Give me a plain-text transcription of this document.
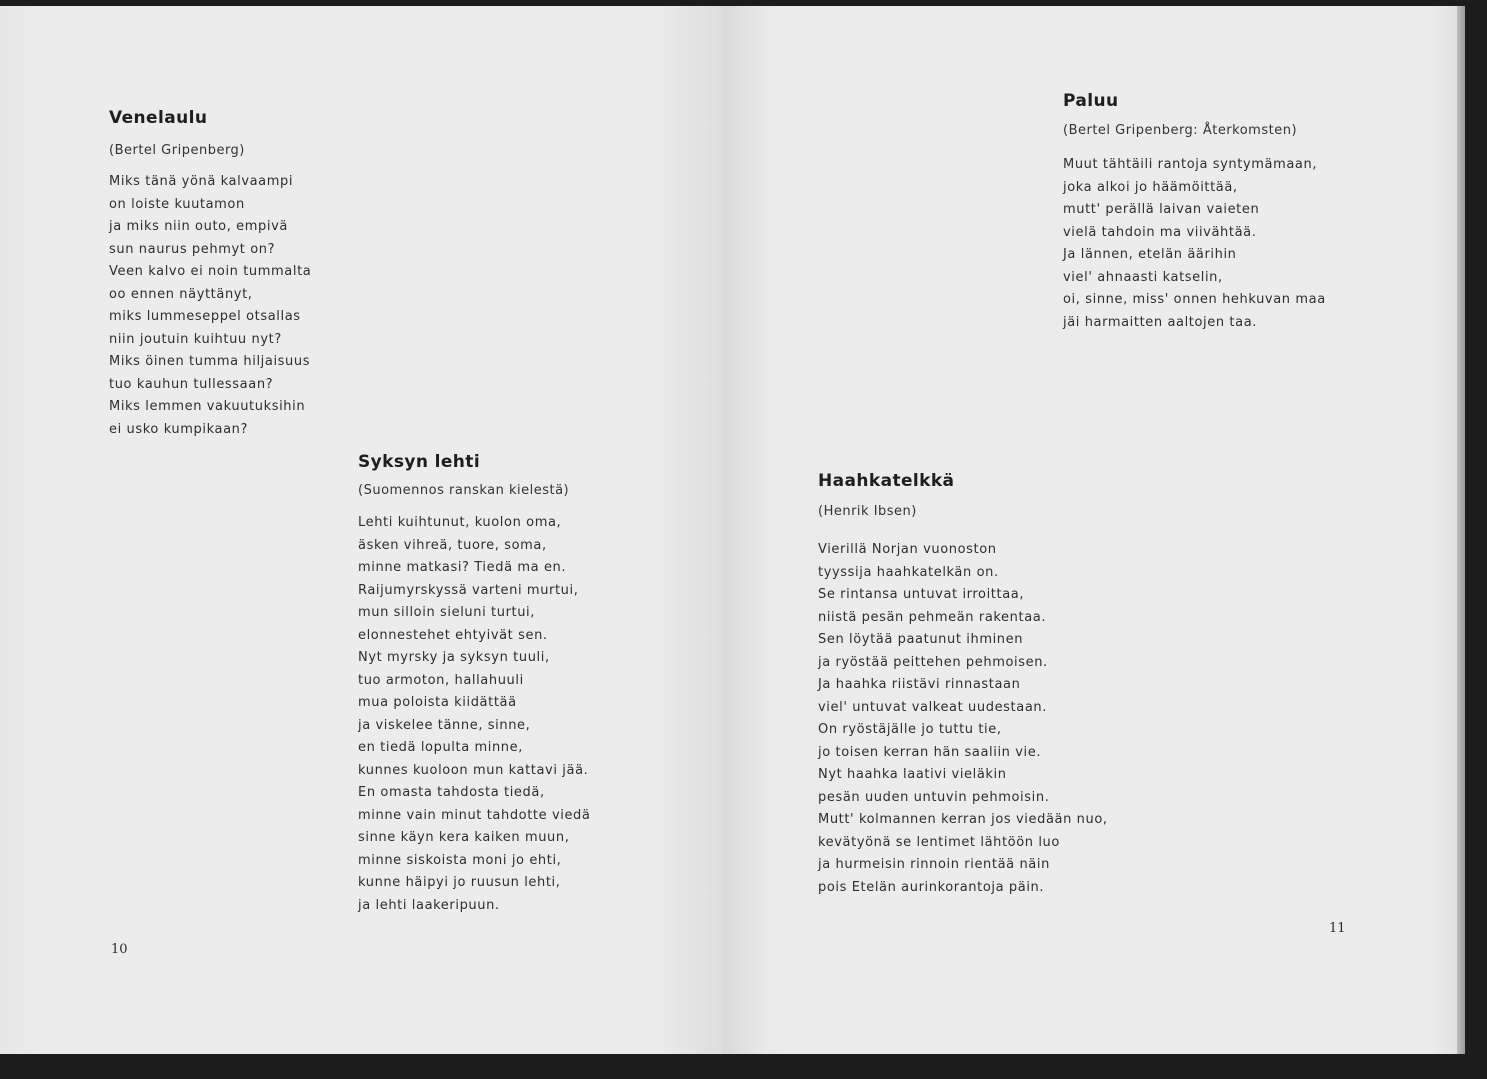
Venelaulu

(Bertel Gripenberg)

Miks tänä yönä kalvaampi
on loiste kuutamon
ja miks niin outo, empivä
sun naurus pehmyt on?
Veen kalvo ei noin tummalta
oo ennen näyttänyt,
miks lummeseppel otsallas
niin joutuin kuihtuu nyt?
Miks öinen tumma hiljaisuus
tuo kauhun tullessaan?
Miks lemmen vakuutuksihin
ei usko kumpikaan?
Syksyn lehti

(Suomennos ranskan kielestä)

Lehti kuihtunut, kuolon oma,
äsken vihreä, tuore, soma,
minne matkasi? Tiedä ma en.
Raijumyrskyssä varteni murtui,
mun silloin sieluni turtui,
elonnestehet ehtyivät sen.
Nyt myrsky ja syksyn tuuli,
tuo armoton, hallahuuli
mua poloista kiidättää
ja viskelee tänne, sinne,
en tiedä lopulta minne,
kunnes kuoloon mun kattavi jää.
En omasta tahdosta tiedä,
minne vain minut tahdotte viedä
sinne käyn kera kaiken muun,
minne siskoista moni jo ehti,
kunne häipyi jo ruusun lehti,
ja lehti laakeripuun.
10
Paluu

(Bertel Gripenberg: Återkomsten)

Muut tähtäili rantoja syntymämaan,
joka alkoi jo häämöittää,
mutt' perällä laivan vaieten
vielä tahdoin ma viivähtää.
Ja lännen, etelän äärihin
viel' ahnaasti katselin,
oi, sinne, miss' onnen hehkuvan maa
jäi harmaitten aaltojen taa.
Haahkatelkkä

(Henrik Ibsen)

Vierillä Norjan vuonoston
tyyssija haahkatelkän on.
Se rintansa untuvat irroittaa,
niistä pesän pehmeän rakentaa.
Sen löytää paatunut ihminen
ja ryöstää peittehen pehmoisen.
Ja haahka riistävi rinnastaan
viel' untuvat valkeat uudestaan.
On ryöstäjälle jo tuttu tie,
jo toisen kerran hän saaliin vie.
Nyt haahka laativi vieläkin
pesän uuden untuvin pehmoisin.
Mutt' kolmannen kerran jos viedään nuo,
kevätyönä se lentimet lähtöön luo
ja hurmeisin rinnoin rientää näin
pois Etelän aurinkorantoja päin.
11
